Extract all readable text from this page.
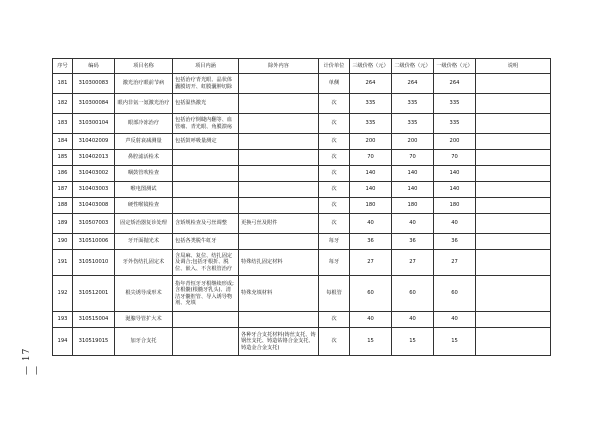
— 17 —
序号	编码	项目名称	项目内涵	除外内容	计价单位	三级价格（元）	二级价格（元）	一级价格（元）	说明
181	310300083	激光治疗眼前节病	包括治疗青光眼、晶状体囊膜切开、虹膜囊肿切除		单侧	264	264	264	
182	310300084	眼内非氩一氪激光治疗	包括温热激光		次	335	335	335	
183	310300104	眼部冷冻治疗	包括治疗倒睫内翻等、血管瘤、青光眼、角膜溃疡		次	335	335	335	
184	310402009	声反射衰减测量	包括鼓呼吸量测定		次	200	200	200	
185	310402013	鼻腔滤活检术			次	70	70	70	
186	310403002	咽鼓管吹检查			次	140	140	140	
187	310403003	喉电图测试			次	140	140	140	
188	310403008	硬性喉镜检查			次	180	180	180	
189	310507003	固定矫治器复诊处理	含矫规检查及弓丝调整	更换弓丝及附件	次	40	40	40	
190	310510006	牙开面抛光术	包括各类脱牛虹牙		每牙	36	36	36	
191	310510010	牙外伤结扎固定术	含局麻、复位、结扎固定及调合;包括牙根折、脱位、嵌入、不含根管治疗	特殊结扎固定材料	每牙	27	27	27	
192	310512001	根尖诱导成形术	指年青恒牙牙根继续形成;含根髓(根髓牙乳头)、清洁牙髓腔管、导入诱导物剂、充填	特殊充填材料	每根管	60	60	60	
193	310515004	涎腺导管扩大术			次	40	40	40	
194	310519015	加牙合支托		各种牙合支托材料(铸丝支托、铸钢丝支托、铸造钴铬合金支托、铸造金合金支托)	次	15	15	15	
